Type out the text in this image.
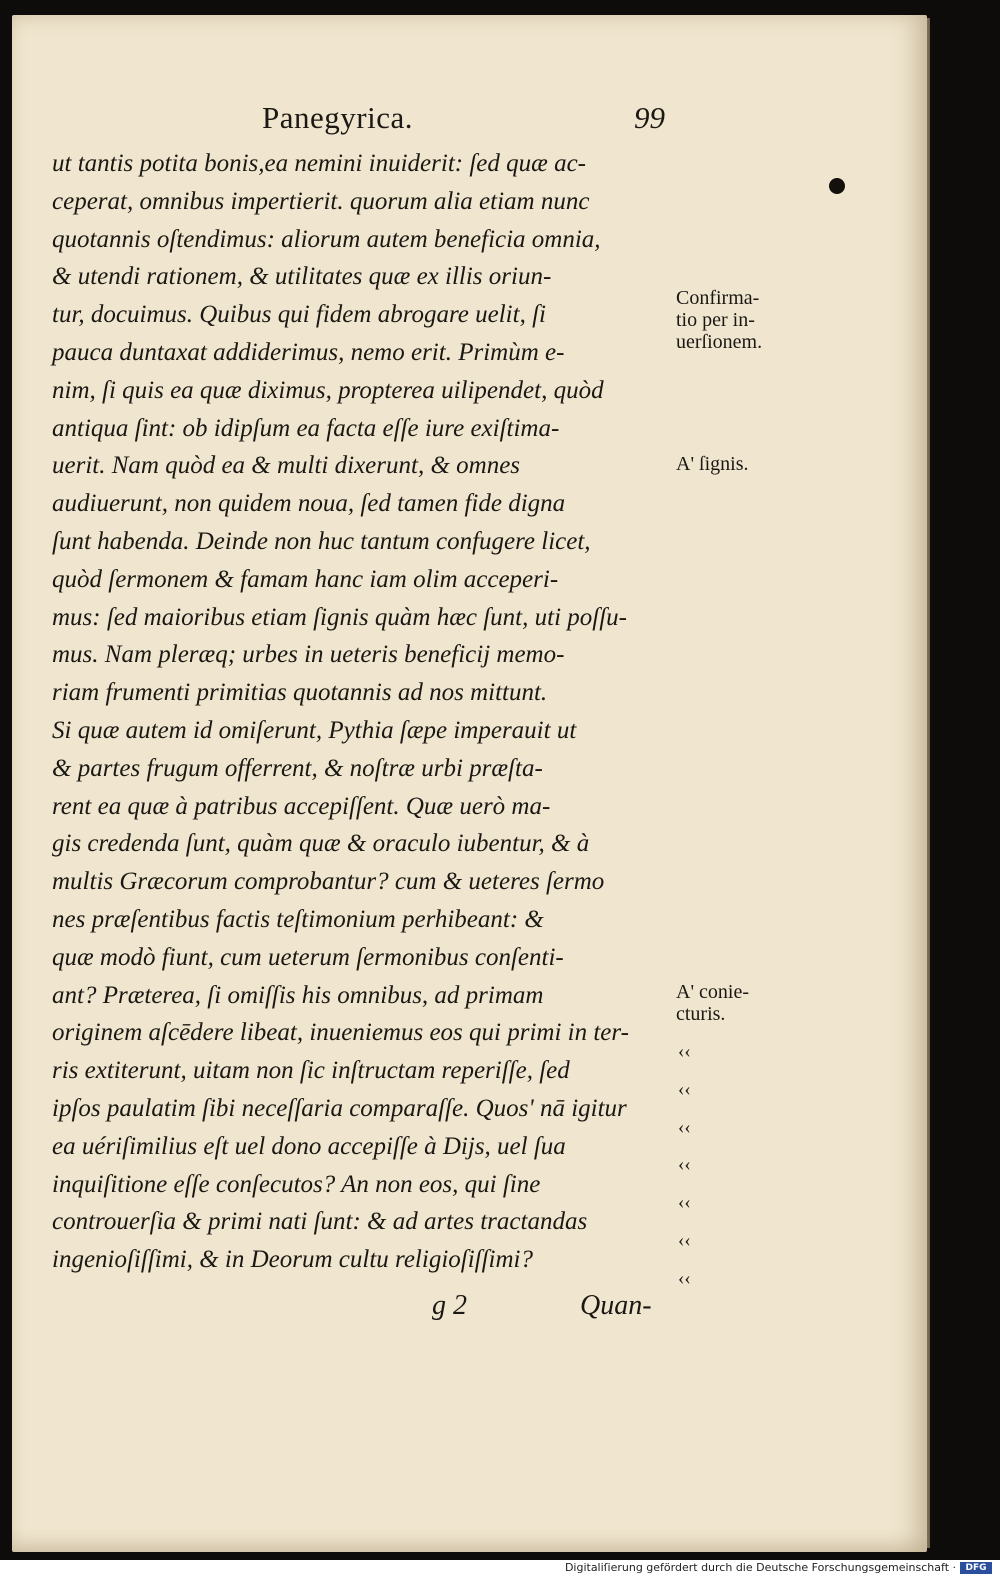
Panegyrica.	99
ut tantis potita bonis,ea nemini inuiderit: ſed quæ ac-
ceperat, omnibus impertierit. quorum alia etiam nunc
quotannis oſtendimus: aliorum autem beneficia omnia,
& utendi rationem, & utilitates quæ ex illis oriun-
tur, docuimus. Quibus qui fidem abrogare uelit, ſi
pauca duntaxat addiderimus, nemo erit. Primùm e-
nim, ſi quis ea quæ diximus, propterea uilipendet, quòd
antiqua ſint: ob idipſum ea facta eſſe iure exiſtima-
uerit. Nam quòd ea & multi dixerunt, & omnes
audiuerunt, non quidem noua, ſed tamen fide digna
ſunt habenda. Deinde non huc tantum confugere licet,
quòd ſermonem & famam hanc iam olim acceperi-
mus: ſed maioribus etiam ſignis quàm hæc ſunt, uti poſſu-
mus. Nam pleræq; urbes in ueteris beneficij memo-
riam frumenti primitias quotannis ad nos mittunt.
Si quæ autem id omiſerunt, Pythia ſæpe imperauit ut
& partes frugum offerrent, & noſtræ urbi præſta-
rent ea quæ à patribus accepiſſent. Quæ uerò ma-
gis credenda ſunt, quàm quæ & oraculo iubentur, & à
multis Græcorum comprobantur? cum & ueteres ſermo
nes præſentibus factis teſtimonium perhibeant: &
quæ modò fiunt, cum ueterum ſermonibus conſenti-
ant? Præterea, ſi omiſſis his omnibus, ad primam
originem aſcēdere libeat, inueniemus eos qui primi in ter-
ris extiterunt, uitam non ſic inſtructam reperiſſe, ſed
ipſos paulatim ſibi neceſſaria comparaſſe. Quos' nā igitur
ea uériſimilius eſt uel dono accepiſſe à Dijs, uel ſua
inquiſitione eſſe conſecutos? An non eos, qui ſine
controuerſia & primi nati ſunt: & ad artes tractandas
ingenioſiſſimi, & in Deorum cultu religioſiſſimi?
Confirma-
tio per in-
uerſionem.
A' ſignis.
A' conie-
cturis.
‹‹
‹‹
‹‹
‹‹
‹‹
‹‹
‹‹
g 2	Quan-
Digitaliſierung gefördert durch die Deutsche Forschungsgemeinschaft ·	DFG
